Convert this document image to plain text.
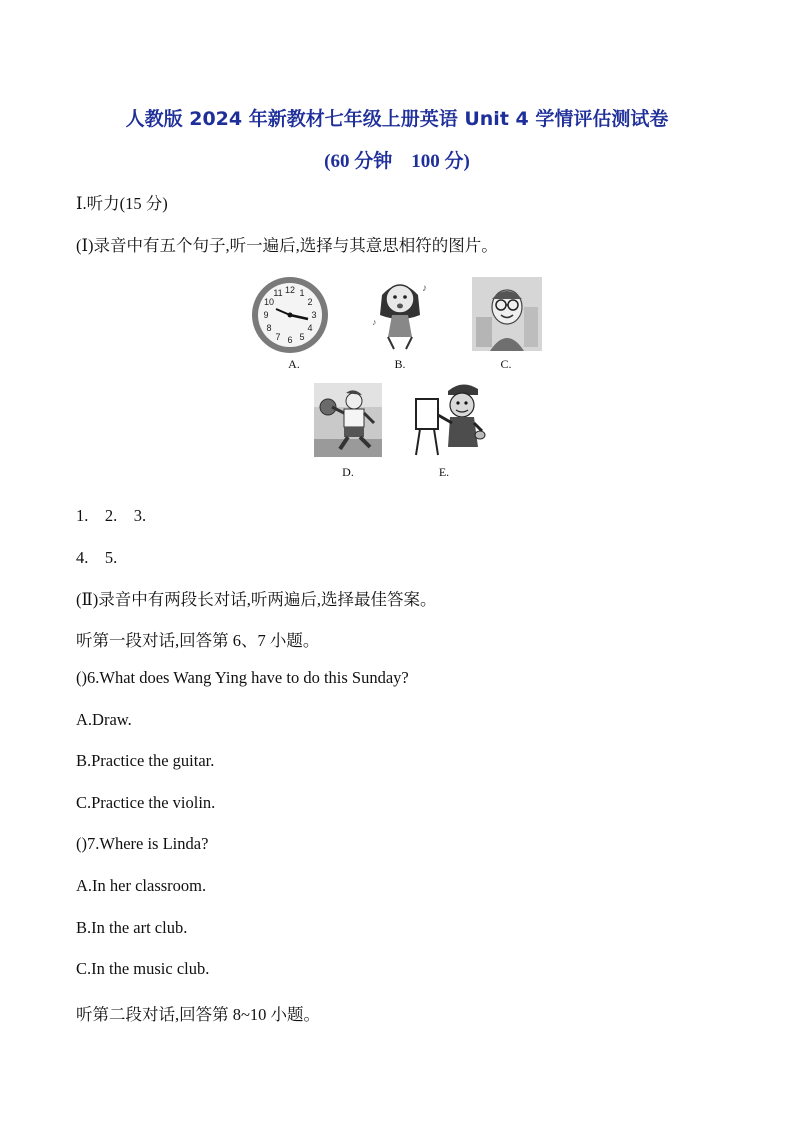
人教版 2024 年新教材七年级上册英语 Unit 4 学情评估测试卷
(60 分钟　100 分)
Ⅰ.听力(15 分)
(Ⅰ)录音中有五个句子,听一遍后,选择与其意思相符的图片。
12 1
2
3
4
5
6
7
8
9
10
11
A.
♪
♪
B.	C.
D.	E.
1.　2.　3.
4.　5.
(Ⅱ)录音中有两段长对话,听两遍后,选择最佳答案。
听第一段对话,回答第 6、7 小题。
()6.What does Wang Ying have to do this Sunday?
A.Draw.
B.Practice the guitar.
C.Practice the violin.
()7.Where is Linda?
A.In her classroom.
B.In the art club.
C.In the music club.
听第二段对话,回答第 8~10 小题。
